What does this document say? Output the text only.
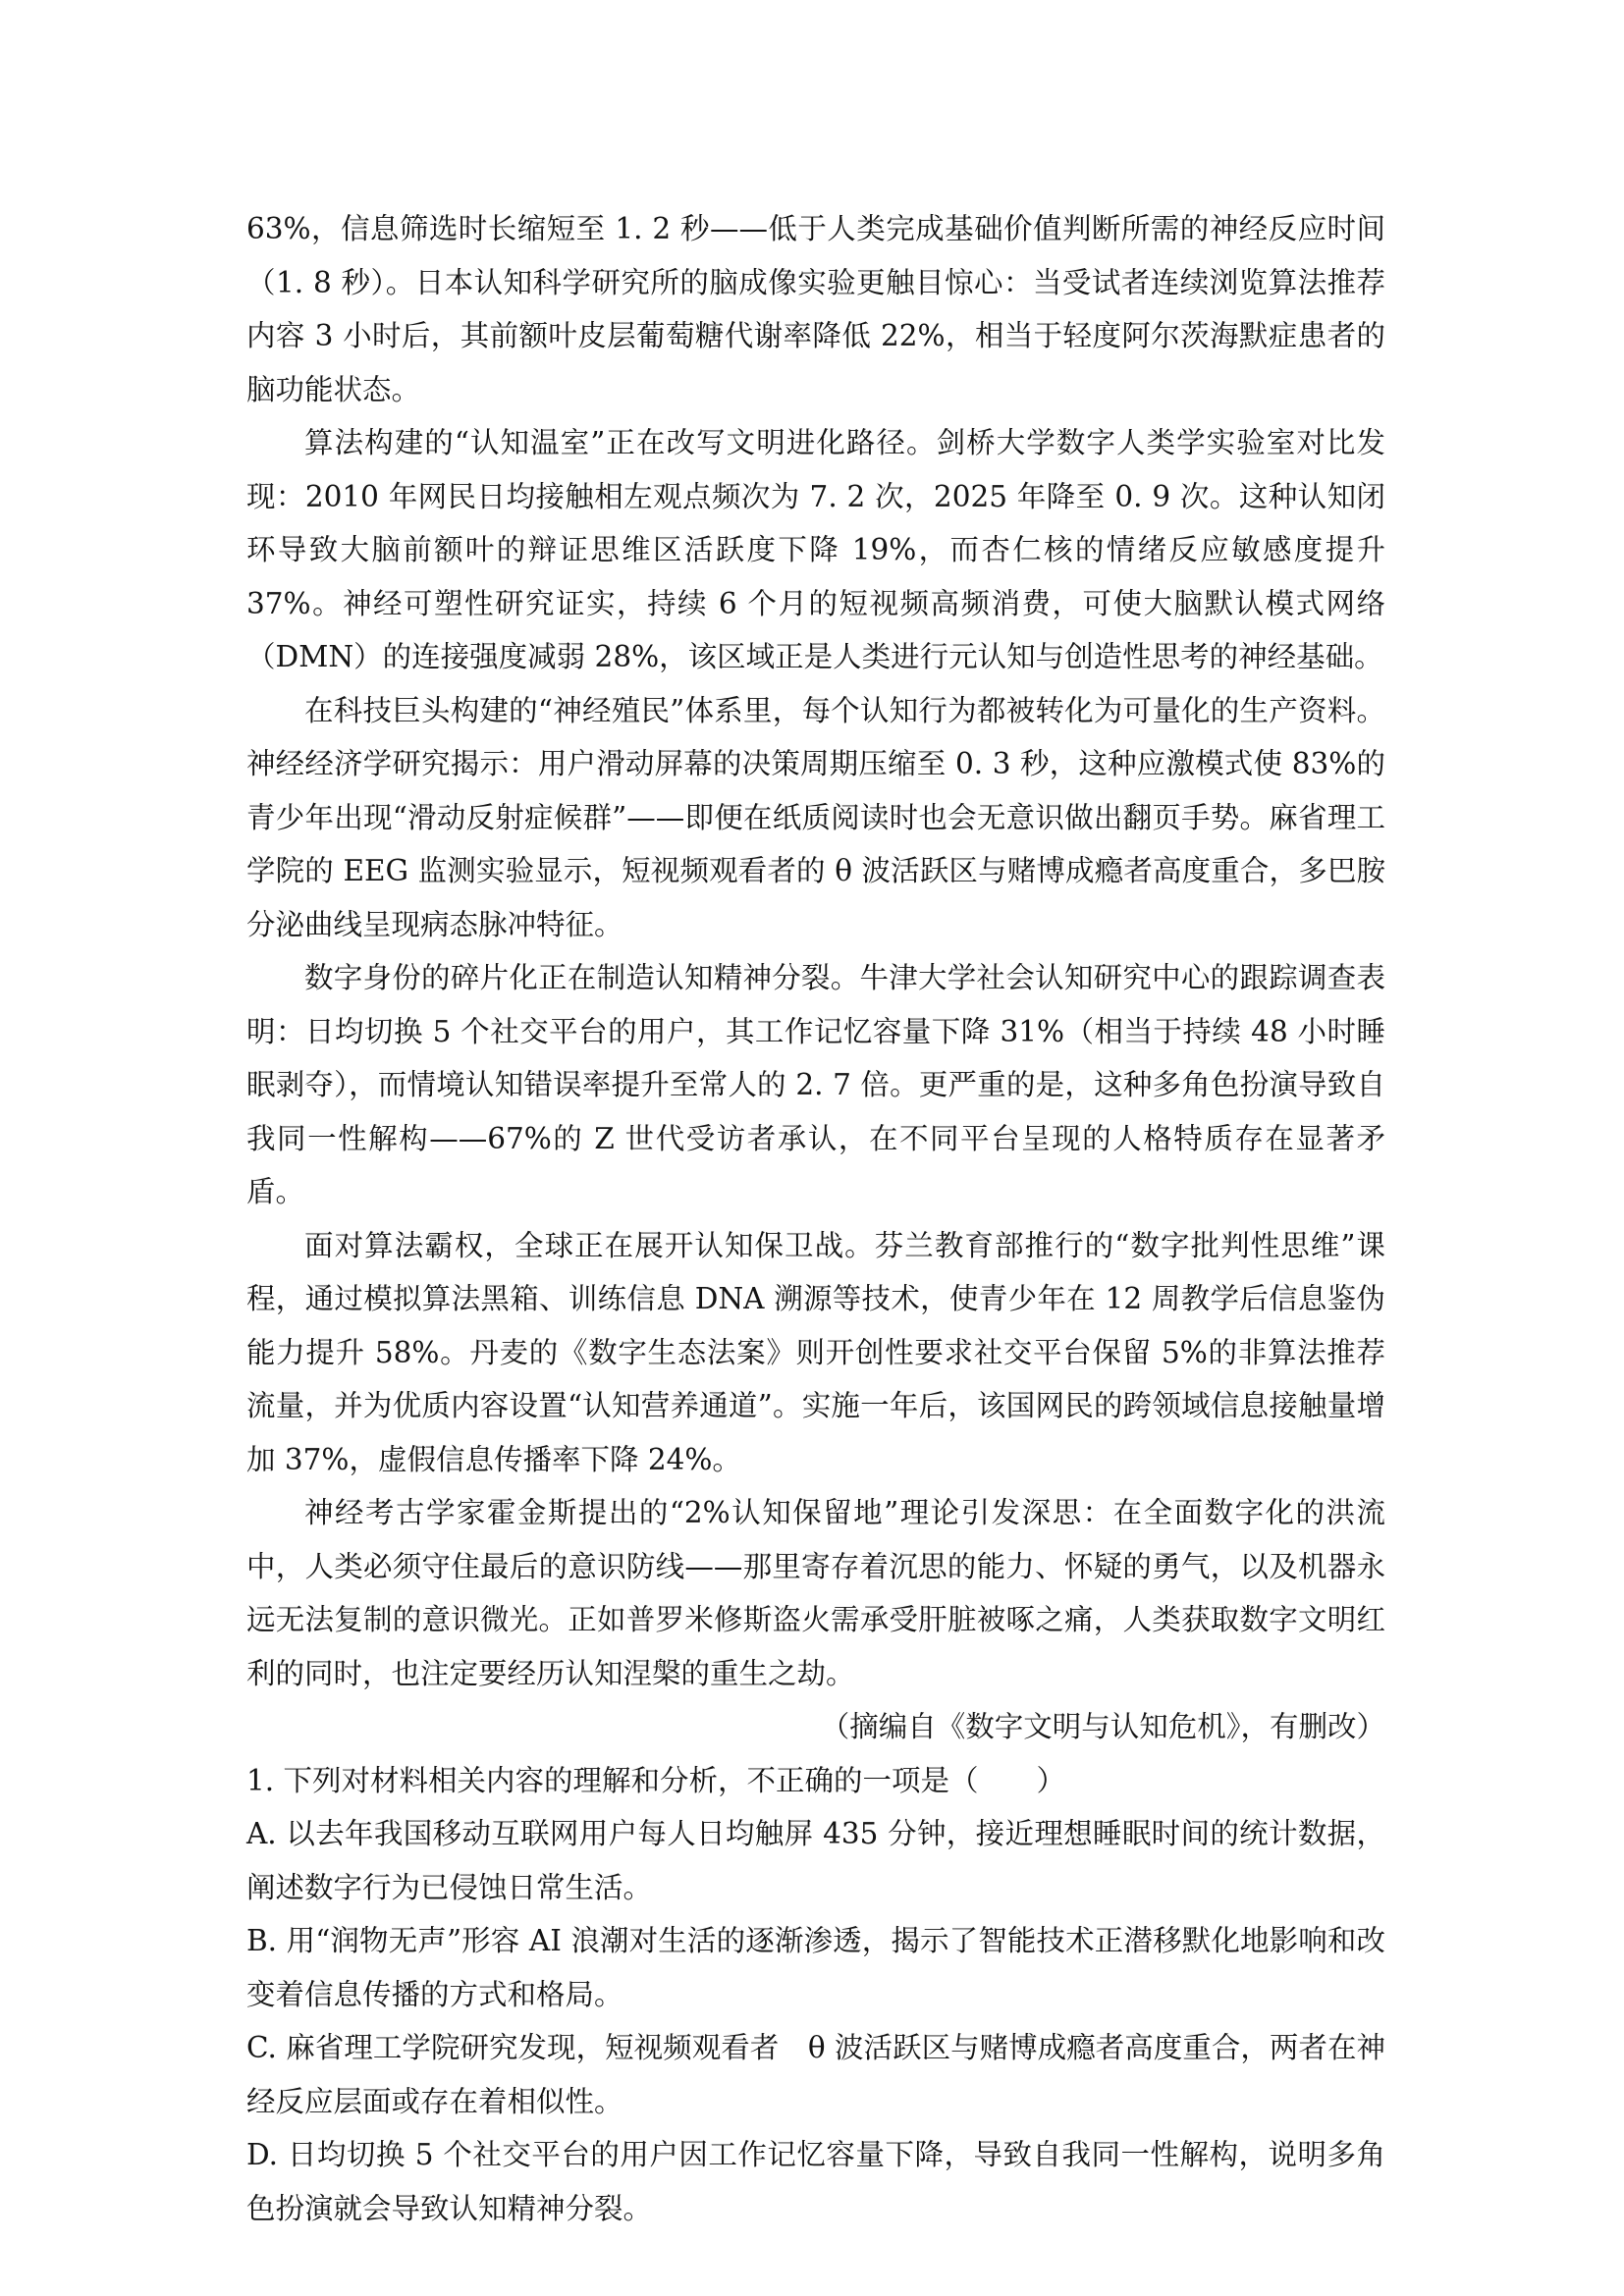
63%，信息筛选时长缩短至 1. 2 秒——低于人类完成基础价值判断所需的神经反应时间（1. 8 秒）。日本认知科学研究所的脑成像实验更触目惊心：当受试者连续浏览算法推荐内容 3 小时后，其前额叶皮层葡萄糖代谢率降低 22%，相当于轻度阿尔茨海默症患者的脑功能状态。

算法构建的“认知温室”正在改写文明进化路径。剑桥大学数字人类学实验室对比发现：2010 年网民日均接触相左观点频次为 7. 2 次，2025 年降至 0. 9 次。这种认知闭环导致大脑前额叶的辩证思维区活跃度下降 19%，而杏仁核的情绪反应敏感度提升 37%。神经可塑性研究证实，持续 6 个月的短视频高频消费，可使大脑默认模式网络（DMN）的连接强度减弱 28%，该区域正是人类进行元认知与创造性思考的神经基础。

在科技巨头构建的“神经殖民”体系里，每个认知行为都被转化为可量化的生产资料。神经经济学研究揭示：用户滑动屏幕的决策周期压缩至 0. 3 秒，这种应激模式使 83%的青少年出现“滑动反射症候群”——即便在纸质阅读时也会无意识做出翻页手势。麻省理工学院的 EEG 监测实验显示，短视频观看者的 θ 波活跃区与赌博成瘾者高度重合，多巴胺分泌曲线呈现病态脉冲特征。

数字身份的碎片化正在制造认知精神分裂。牛津大学社会认知研究中心的跟踪调查表明：日均切换 5 个社交平台的用户，其工作记忆容量下降 31%（相当于持续 48 小时睡眠剥夺），而情境认知错误率提升至常人的 2. 7 倍。更严重的是，这种多角色扮演导致自我同一性解构——67%的 Z 世代受访者承认，在不同平台呈现的人格特质存在显著矛盾。

面对算法霸权，全球正在展开认知保卫战。芬兰教育部推行的“数字批判性思维”课程，通过模拟算法黑箱、训练信息 DNA 溯源等技术，使青少年在 12 周教学后信息鉴伪能力提升 58%。丹麦的《数字生态法案》则开创性要求社交平台保留 5%的非算法推荐流量，并为优质内容设置“认知营养通道”。实施一年后，该国网民的跨领域信息接触量增加 37%，虚假信息传播率下降 24%。

神经考古学家霍金斯提出的“2%认知保留地”理论引发深思：在全面数字化的洪流中，人类必须守住最后的意识防线——那里寄存着沉思的能力、怀疑的勇气，以及机器永远无法复制的意识微光。正如普罗米修斯盗火需承受肝脏被啄之痛，人类获取数字文明红利的同时，也注定要经历认知涅槃的重生之劫。

（摘编自《数字文明与认知危机》，有删改）

1. 下列对材料相关内容的理解和分析，不正确的一项是（　　）

A. 以去年我国移动互联网用户每人日均触屏 435 分钟，接近理想睡眠时间的统计数据，阐述数字行为已侵蚀日常生活。

B. 用“润物无声”形容 AI 浪潮对生活的逐渐渗透，揭示了智能技术正潜移默化地影响和改变着信息传播的方式和格局。

C. 麻省理工学院研究发现，短视频观看者　θ 波活跃区与赌博成瘾者高度重合，两者在神经反应层面或存在着相似性。

D. 日均切换 5 个社交平台的用户因工作记忆容量下降，导致自我同一性解构，说明多角色扮演就会导致认知精神分裂。
